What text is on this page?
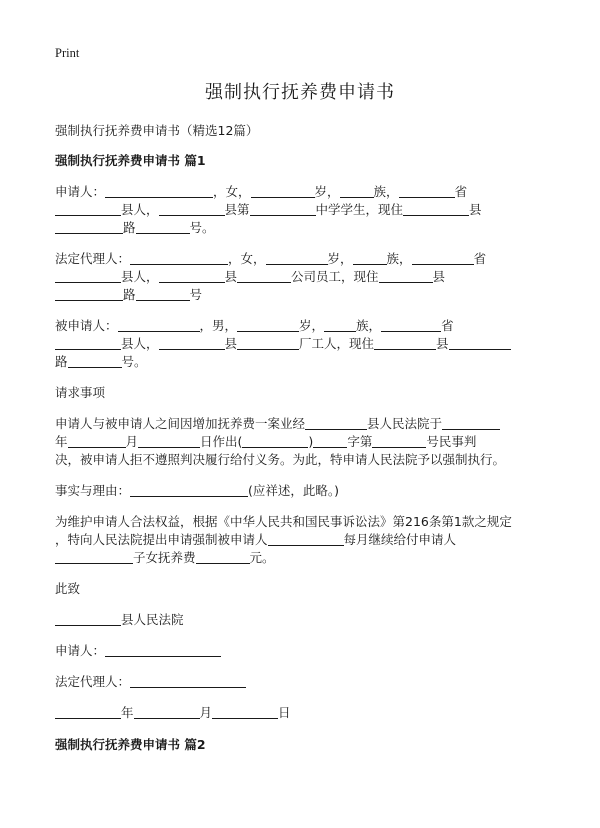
Print
强制执行抚养费申请书
强制执行抚养费申请书（精选12篇）
强制执行抚养费申请书 篇1
申请人：	，女，	岁，	族，	省
县人，	县第	中学学生，现住	县
路	号。
法定代理人：	，女，	岁，	族，	省
县人，	县	公司员工，现住	县
路	号
被申请人：	，男，	岁，	族，	省
县人，	县	厂工人，现住	县
路	号。
请求事项
申请人与被申请人之间因增加抚养费一案业经	县人民法院于
年	月	日作出(	)	字第	号民事判
决，被申请人拒不遵照判决履行给付义务。为此，特申请人民法院予以强制执行。
事实与理由：	(应祥述，此略。)
为维护申请人合法权益，根据《中华人民共和国民事诉讼法》第216条第1款之规定
，特向人民法院提出申请强制被申请人	每月继续给付申请人
子女抚养费	元。
此致
县人民法院
申请人：
法定代理人：
年	月	日
强制执行抚养费申请书 篇2
